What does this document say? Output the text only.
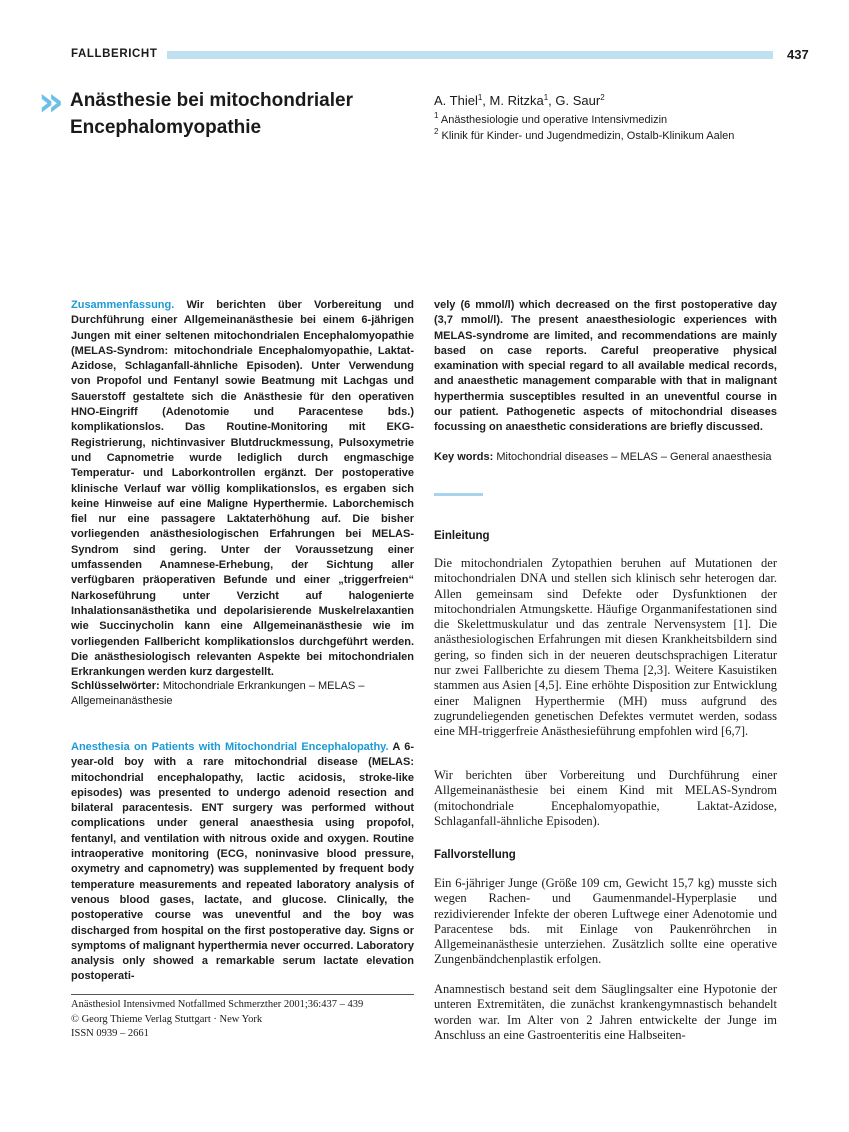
FALLBERICHT	437
» Anästhesie bei mitochondrialer
Encephalomyopathie
A. Thiel$^1$, M. Ritzka$^1$, G. Saur$^2$
$^1$ Anästhesiologie und operative Intensivmedizin
$^2$ Klinik für Kinder- und Jugendmedizin, Ostalb-Klinikum Aalen
Zusammenfassung. Wir berichten über Vorbereitung und Durchführung einer Allgemeinanästhesie bei einem 6-jährigen Jungen mit einer seltenen mitochondrialen Encephalomyopathie (MELAS-Syndrom: mitochondriale Encephalomyopathie, Laktat-Azidose, Schlaganfall-ähnliche Episoden). Unter Verwendung von Propofol und Fentanyl sowie Beatmung mit Lachgas und Sauerstoff gestaltete sich die Anästhesie für den operativen HNO-Eingriff (Adenotomie und Paracentese bds.) komplikationslos. Das Routine-Monitoring mit EKG-Registrierung, nichtinvasiver Blutdruckmessung, Pulsoxymetrie und Capnometrie wurde lediglich durch engmaschige Temperatur- und Laborkontrollen ergänzt. Der postoperative klinische Verlauf war völlig komplikationslos, es ergaben sich keine Hinweise auf eine Maligne Hyperthermie. Laborchemisch fiel nur eine passagere Laktaterhöhung auf. Die bisher vorliegenden anästhesiologischen Erfahrungen bei MELAS-Syndrom sind gering. Unter der Voraussetzung einer umfassenden Anamnese-Erhebung, der Sichtung aller verfügbaren präoperativen Befunde und einer „triggerfreien“ Narkoseführung unter Verzicht auf halogenierte Inhalationsanästhetika und depolarisierende Muskelrelaxantien wie Succinycholin kann eine Allgemeinanästhesie wie im vorliegenden Fallbericht komplikationslos durchgeführt werden. Die anästhesiologisch relevanten Aspekte bei mitochondrialen Erkrankungen werden kurz dargestellt.
Schlüsselwörter: Mitochondriale Erkrankungen – MELAS – Allgemeinanästhesie
Anesthesia on Patients with Mitochondrial Encephalopathy. A 6-year-old boy with a rare mitochondrial disease (MELAS: mitochondrial encephalopathy, lactic acidosis, stroke-like episodes) was presented to undergo adenoid resection and bilateral paracentesis. ENT surgery was performed without complications under general anaesthesia using propofol, fentanyl, and ventilation with nitrous oxide and oxygen. Routine intraoperative monitoring (ECG, noninvasive blood pressure, oxymetry and capnometry) was supplemented by frequent body temperature measurements and repeated laboratory analysis of venous blood gases, lactate, and glucose. Clinically, the postoperative course was uneventful and the boy was discharged from hospital on the first postoperative day. Signs or symptoms of malignant hyperthermia never occurred. Laboratory analysis only showed a remarkable serum lactate elevation postoperati-
vely (6 mmol/l) which decreased on the first postoperative day (3,7 mmol/l). The present anaesthesiologic experiences with MELAS-syndrome are limited, and recommendations are mainly based on case reports. Careful preoperative physical examination with special regard to all available medical records, and anaesthetic management comparable with that in malignant hyperthermia susceptibles resulted in an uneventful course in our patient. Pathogenetic aspects of mitochondrial diseases focussing on anaesthetic considerations are briefly discussed.
Key words: Mitochondrial diseases – MELAS – General anaesthesia
Einleitung
Die mitochondrialen Zytopathien beruhen auf Mutationen der mitochondrialen DNA und stellen sich klinisch sehr heterogen dar. Allen gemeinsam sind Defekte oder Dysfunktionen der mitochondrialen Atmungskette. Häufige Organmanifestationen sind die Skelettmuskulatur und das zentrale Nervensystem [1]. Die anästhesiologischen Erfahrungen mit diesen Krankheitsbildern sind gering, so finden sich in der neueren deutschsprachigen Literatur nur zwei Fallberichte zu diesem Thema [2,3]. Weitere Kasuistiken stammen aus Asien [4,5]. Eine erhöhte Disposition zur Entwicklung einer Malignen Hyperthermie (MH) muss aufgrund des zugrundeliegenden genetischen Defektes vermutet werden, sodass eine MH-triggerfreie Anästhesieführung empfohlen wird [6,7].
Wir berichten über Vorbereitung und Durchführung einer Allgemeinanästhesie bei einem Kind mit MELAS-Syndrom (mitochondriale Encephalomyopathie, Laktat-Azidose, Schlaganfall-ähnliche Episoden).
Fallvorstellung
Ein 6-jähriger Junge (Größe 109 cm, Gewicht 15,7 kg) musste sich wegen Rachen- und Gaumenmandel-Hyperplasie und rezidivierender Infekte der oberen Luftwege einer Adenotomie und Paracentese bds. mit Einlage von Paukenröhrchen in Allgemeinanästhesie unterziehen. Zusätzlich sollte eine operative Zungenbändchenplastik erfolgen.
Anamnestisch bestand seit dem Säuglingsalter eine Hypotonie der unteren Extremitäten, die zunächst krankengymnastisch behandelt worden war. Im Alter von 2 Jahren entwickelte der Junge im Anschluss an eine Gastroenteritis eine Halbseiten-
Anästhesiol Intensivmed Notfallmed Schmerzther 2001;36:437 – 439
© Georg Thieme Verlag Stuttgart · New York
ISSN 0939 – 2661
